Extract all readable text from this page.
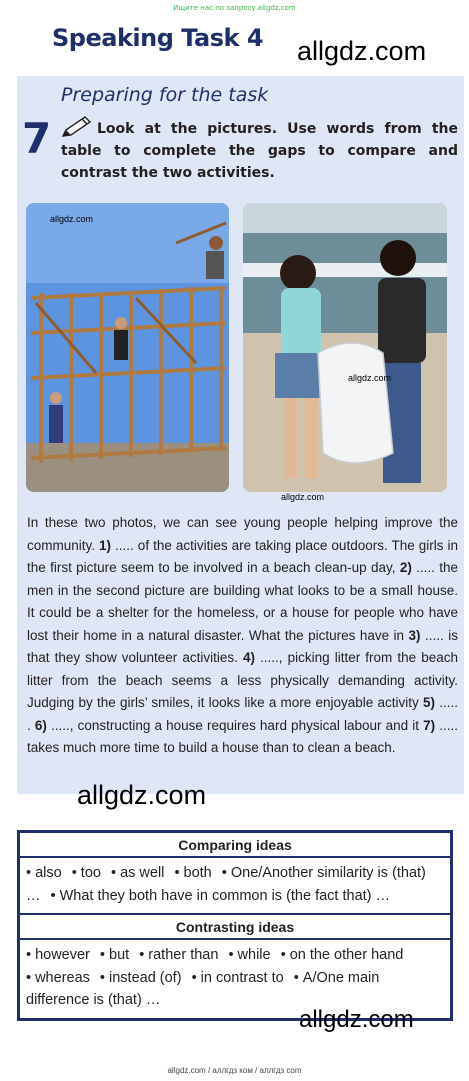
Ищите нас по запросу allgdz.com
Speaking Task 4 allgdz.com
Preparing for the task
7	Look at the pictures. Use words from the table to complete the gaps to compare and contrast the two activities.
allgdz.com
allgdz.com
allgdz.com
In these two photos, we can see young people helping improve the community. 1) ..... of the activities are taking place outdoors. The girls in the first picture seem to be involved in a beach clean-up day, 2) ..... the men in the second picture are building what looks to be a small house. It could be a shelter for the homeless, or a house for people who have lost their home in a natural disaster. What the pictures have in 3) ..... is that they show volunteer activities. 4) ....., picking litter from the beach litter from the beach seems a less physically demanding activity. Judging by the girls’ smiles, it looks like a more enjoyable activity 5) ..... . 6) ....., constructing a house requires hard physical labour and it 7) ..... takes much more time to build a house than to clean a beach.
allgdz.com
Comparing ideas
• also • too • as well • both • One/Another similarity is (that) … • What they both have in common is (the fact that) …
Contrasting ideas
• however • but • rather than • while • on the other hand • whereas • instead (of) • in contrast to • A/One main difference is (that) …
allgdz.com
allgdz.com / аллгдз ком / аллгдз com
